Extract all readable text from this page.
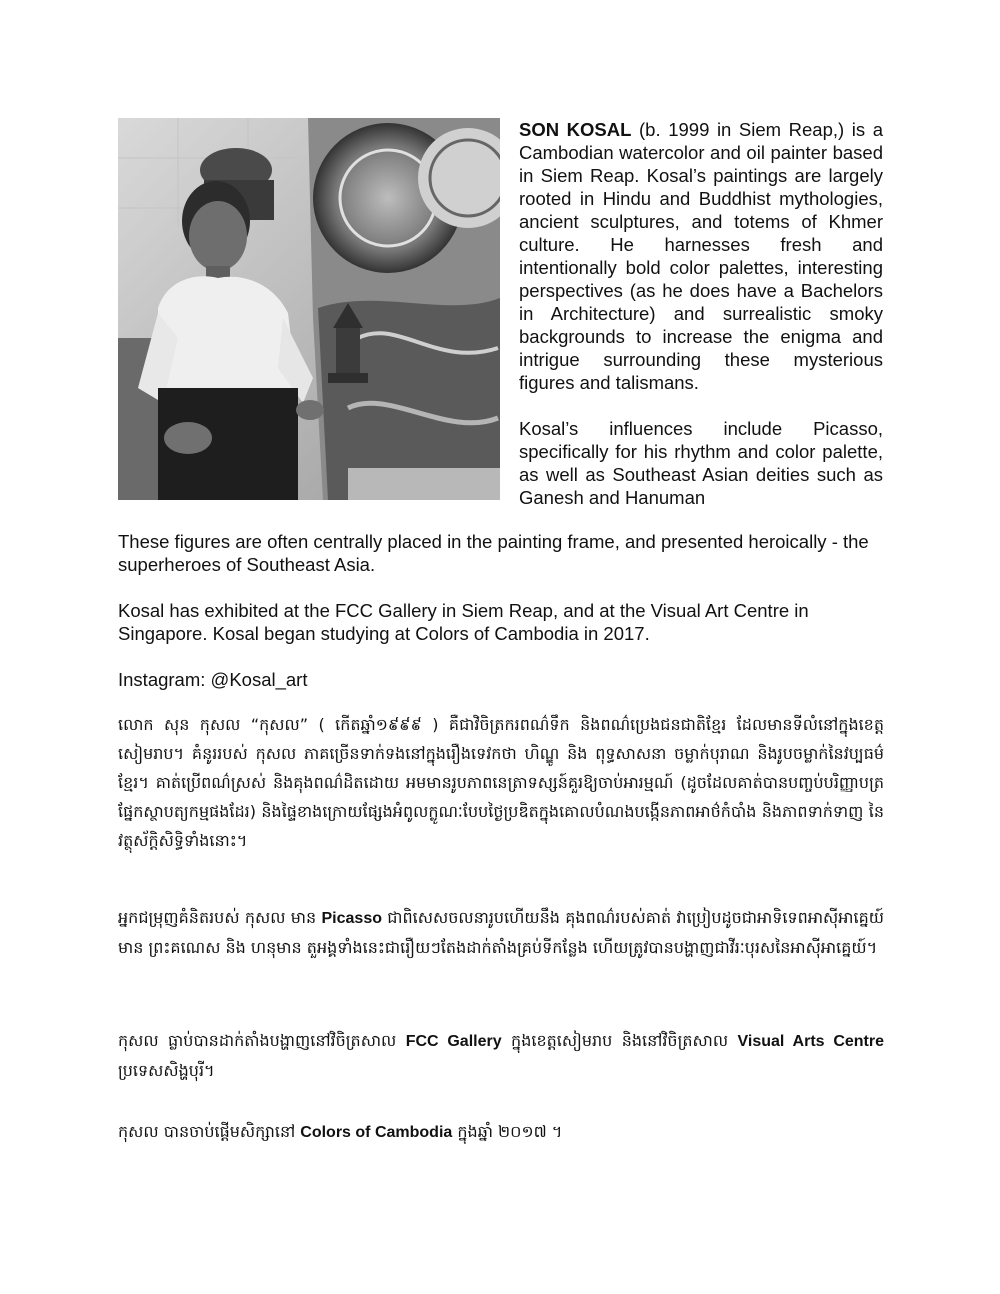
SON KOSAL (b. 1999 in Siem Reap,) is a Cambodian watercolor and oil painter based in Siem Reap. Kosal’s paintings are largely rooted in Hindu and Buddhist mythologies, ancient sculptures, and totems of Khmer culture. He harnesses fresh and intentionally bold color palettes, interesting perspectives (as he does have a Bachelors in Architecture) and surrealistic smoky backgrounds to increase the enigma and intrigue surrounding these mysterious figures and talismans.

Kosal’s influences include Picasso, specifically for his rhythm and color palette, as well as Southeast Asian deities such as Ganesh and Hanuman

These figures are often centrally placed in the painting frame, and presented heroically - the superheroes of Southeast Asia.

Kosal has exhibited at the FCC Gallery in Siem Reap, and at the Visual Art Centre in Singapore. Kosal began studying at Colors of Cambodia in 2017.

Instagram: @Kosal_art

លោក សុន កុសល “កុសល” ( កើតឆ្នាំ១៩៩៩ ) គឺជាវិចិត្រករពណ៌ទឹក និងពណ៌ប្រេងជនជាតិខ្មែរ ដែលមានទីលំនៅក្នុងខេត្តសៀមរាប។ គំនូររបស់ កុសល ភាគច្រើនទាក់ទងនៅក្នុងរឿងទេវកថា ហិណ្ឌូ និង ពុទ្ធសាសនា ចម្លាក់បុរាណ និងរូបចម្លាក់នៃវប្បធម៌ខ្មែរ។ គាត់ប្រើពណ៌ស្រស់ និងគុងពណ៌ដិតដោយ អមមានរូបភាពនេត្រាទស្សន៍គួរឱ្យចាប់អារម្មណ៍ (ដូចដែលគាត់បានបញ្ចប់បរិញ្ញាបត្រផ្នែកស្ថាបត្យកម្មផងដែរ) និងផ្ទៃខាងក្រោយផ្សែងអំពូលក្លូណៈបែបថ្ងៃប្រឌិតក្នុងគោលបំណងបង្កើនភាពអាថ៌កំបាំង និងភាពទាក់ទាញ នៃវត្ថុស័ក្តិសិទ្ធិទាំងនោះ។

អ្នកជម្រុញគំនិតរបស់ កុសល មាន Picasso ជាពិសេសចលនារូបហើយនឹង គុងពណ៌របស់គាត់ វាប្រៀបដូចជាអាទិទេពអាស៊ីអាគ្នេយ៍មាន ព្រះគណេស និង ហនុមាន តួអង្គទាំងនេះជារឿយៗតែងដាក់តាំងគ្រប់ទីកន្លែង ហើយត្រូវបានបង្ហាញជាវីរៈបុរសនៃអាស៊ីអាគ្នេយ៍។

កុសល ធ្លាប់បានដាក់តាំងបង្ហាញនៅវិចិត្រសាល FCC Gallery ក្នុងខេត្តសៀមរាប និងនៅវិចិត្រសាល Visual Arts Centre ប្រទេសសិង្ហបុរី។

កុសល បានចាប់ផ្តើមសិក្សានៅ Colors of Cambodia ក្នុងឆ្នាំ ២០១៧ ។
